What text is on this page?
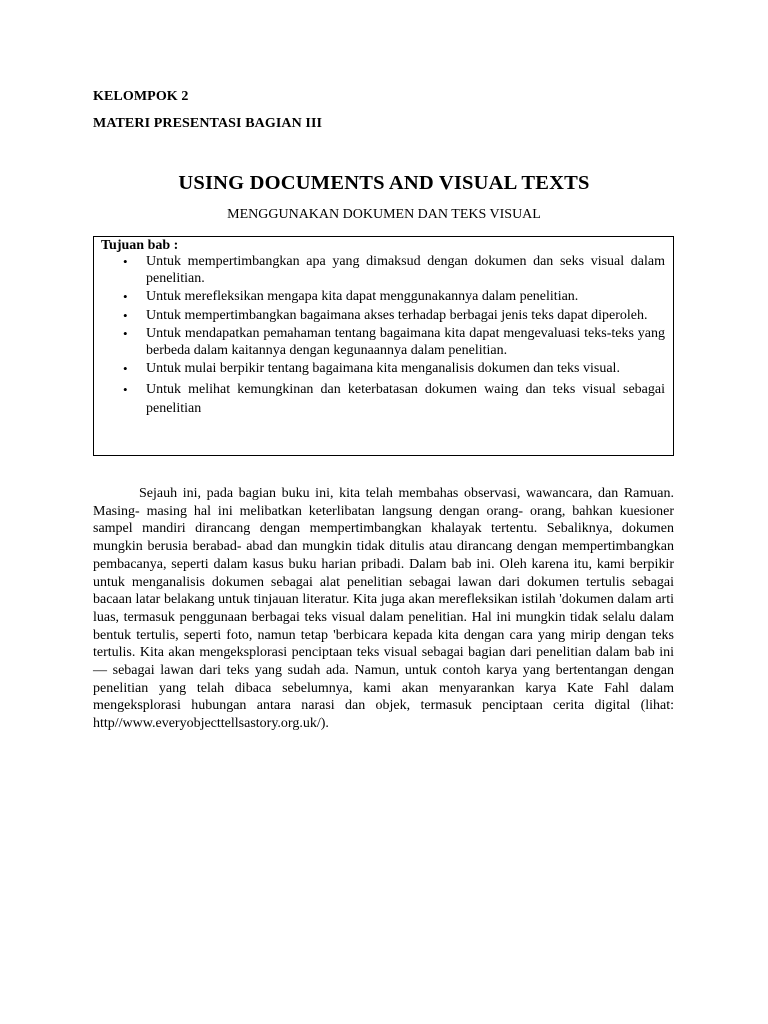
KELOMPOK 2
MATERI PRESENTASI BAGIAN III
USING DOCUMENTS AND VISUAL TEXTS
MENGGUNAKAN DOKUMEN DAN TEKS VISUAL
Tujuan bab :
• Untuk mempertimbangkan apa yang dimaksud dengan dokumen dan seks visual dalam penelitian.
• Untuk merefleksikan mengapa kita dapat menggunakannya dalam penelitian.
• Untuk mempertimbangkan bagaimana akses terhadap berbagai jenis teks dapat diperoleh.
• Untuk mendapatkan pemahaman tentang bagaimana kita dapat mengevaluasi teks-teks yang berbeda dalam kaitannya dengan kegunaannya dalam penelitian.
• Untuk mulai berpikir tentang bagaimana kita menganalisis dokumen dan teks visual.
• Untuk melihat kemungkinan dan keterbatasan dokumen waing dan teks visual sebagai penelitian

Sejauh ini, pada bagian buku ini, kita telah membahas observasi, wawancara, dan Ramuan. Masing- masing hal ini melibatkan keterlibatan langsung dengan orang- orang, bahkan kuesioner sampel mandiri dirancang dengan mempertimbangkan khalayak tertentu. Sebaliknya, dokumen mungkin berusia berabad- abad dan mungkin tidak ditulis atau dirancang dengan mempertimbangkan pembacanya, seperti dalam kasus buku harian pribadi. Dalam bab ini. Oleh karena itu, kami berpikir untuk menganalisis dokumen sebagai alat penelitian sebagai lawan dari dokumen tertulis sebagai bacaan latar belakang untuk tinjauan literatur. Kita juga akan merefleksikan istilah 'dokumen dalam arti luas, termasuk penggunaan berbagai teks visual dalam penelitian. Hal ini mungkin tidak selalu dalam bentuk tertulis, seperti foto, namun tetap 'berbicara kepada kita dengan cara yang mirip dengan teks tertulis. Kita akan mengeksplorasi penciptaan teks visual sebagai bagian dari penelitian dalam bab ini — sebagai lawan dari teks yang sudah ada. Namun, untuk contoh karya yang bertentangan dengan penelitian yang telah dibaca sebelumnya, kami akan menyarankan karya Kate Fahl dalam mengeksplorasi hubungan antara narasi dan objek, termasuk penciptaan cerita digital (lihat: http//www.everyobjecttellsastory.org.uk/).
